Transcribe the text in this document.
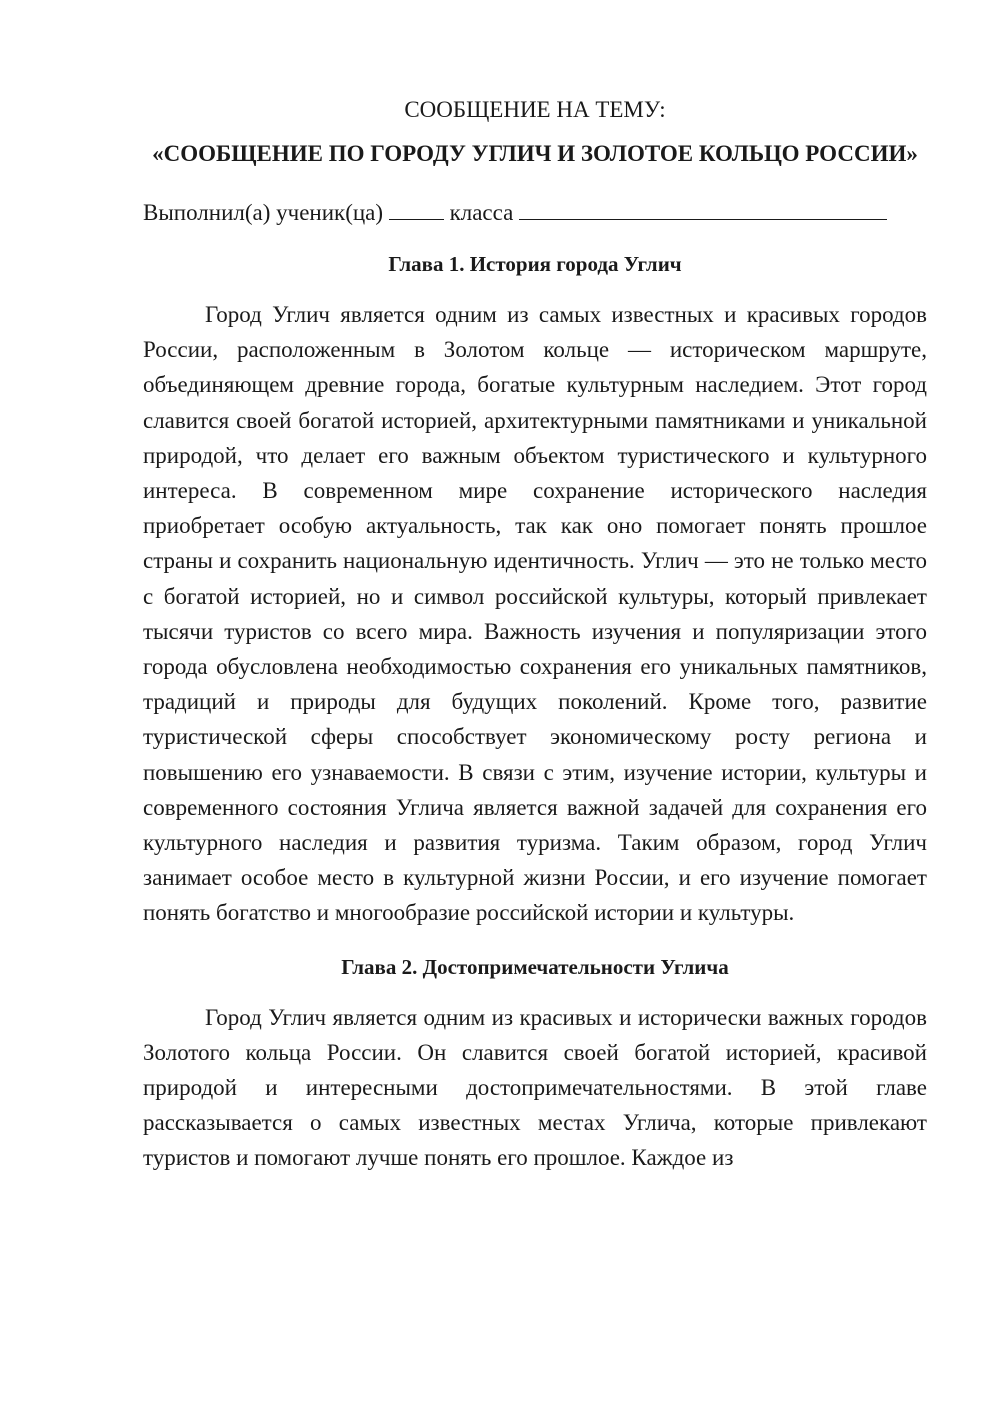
СООБЩЕНИЕ НА ТЕМУ:

«СООБЩЕНИЕ ПО ГОРОДУ УГЛИЧ И ЗОЛОТОЕ КОЛЬЦО РОССИИ»

Выполнил(а) ученик(ца)	класса

Глава 1. История города Углич

Город Углич является одним из самых известных и красивых городов России, расположенным в Золотом кольце — историческом маршруте, объединяющем древние города, богатые культурным наследием. Этот город славится своей богатой историей, архитектурными памятниками и уникальной природой, что делает его важным объектом туристического и культурного интереса. В современном мире сохранение исторического наследия приобретает особую актуальность, так как оно помогает понять прошлое страны и сохранить национальную идентичность. Углич — это не только место с богатой историей, но и символ российской культуры, который привлекает тысячи туристов со всего мира. Важность изучения и популяризации этого города обусловлена необходимостью сохранения его уникальных памятников, традиций и природы для будущих поколений. Кроме того, развитие туристической сферы способствует экономическому росту региона и повышению его узнаваемости. В связи с этим, изучение истории, культуры и современного состояния Углича является важной задачей для сохранения его культурного наследия и развития туризма. Таким образом, город Углич занимает особое место в культурной жизни России, и его изучение помогает понять богатство и многообразие российской истории и культуры.

Глава 2. Достопримечательности Углича

Город Углич является одним из красивых и исторически важных городов Золотого кольца России. Он славится своей богатой историей, красивой природой и интересными достопримечательностями. В этой главе рассказывается о самых известных местах Углича, которые привлекают туристов и помогают лучше понять его прошлое. Каждое из
